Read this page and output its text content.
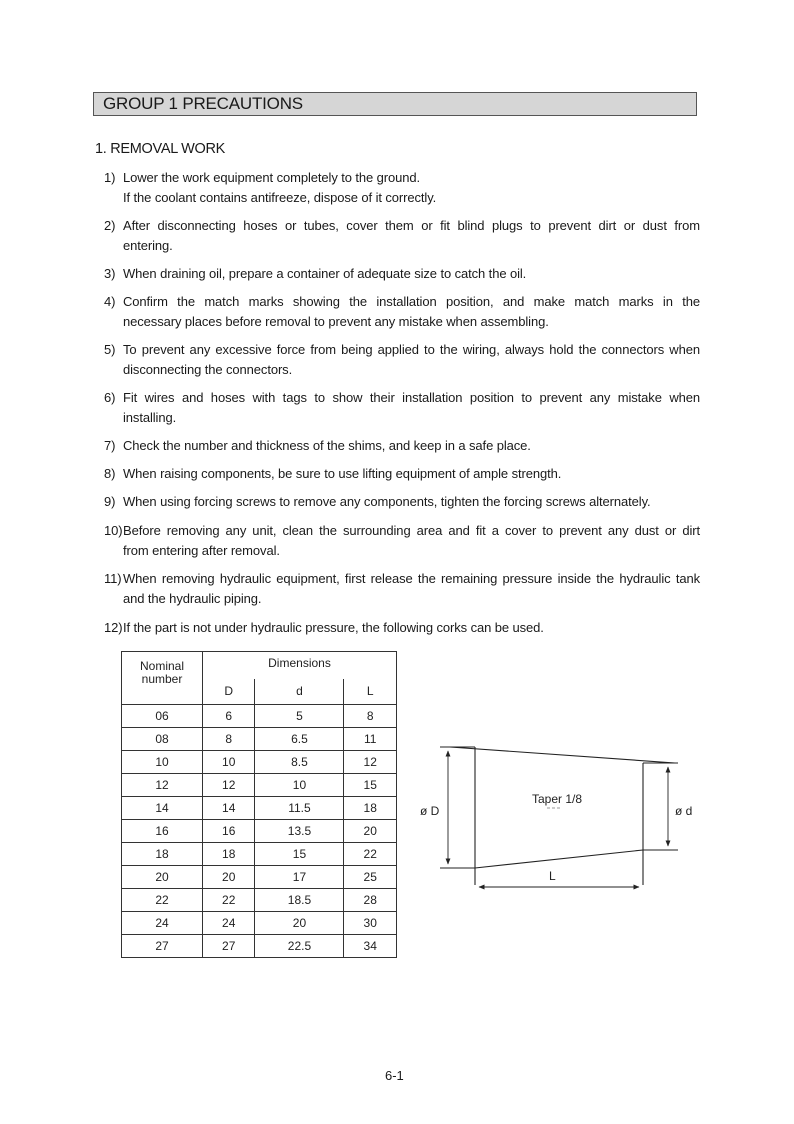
GROUP 1 PRECAUTIONS
1. REMOVAL WORK
1) Lower the work equipment completely to the ground.
If the coolant contains antifreeze, dispose of it correctly.
2) After disconnecting hoses or tubes, cover them or fit blind plugs to prevent dirt or dust from
entering.
3) When draining oil, prepare a container of adequate size to catch the oil.
4) Confirm the match marks showing the installation position, and make match marks in the
necessary places before removal to prevent any mistake when assembling.
5) To prevent any excessive force from being applied to the wiring, always hold the connectors when
disconnecting the connectors.
6) Fit wires and hoses with tags to show their installation position to prevent any mistake when
installing.
7) Check the number and thickness of the shims, and keep in a safe place.
8) When raising components, be sure to use lifting equipment of ample strength.
9) When using forcing screws to remove any components, tighten the forcing screws alternately.
10) Before removing any unit, clean the surrounding area and fit a cover to prevent any dust or dirt
from entering after removal.
11) When removing hydraulic equipment, first release the remaining pressure inside the hydraulic tank
and the hydraulic piping.
12) If the part is not under hydraulic pressure, the following corks can be used.
Nominal number	Dimensions		
	D	d	L
06	6	5	8
08	8	6.5	11
10	10	8.5	12
12	12	10	15
14	14	11.5	18
16	16	13.5	20
18	18	15	22
20	20	17	25
22	22	18.5	28
24	24	20	30
27	27	22.5	34
Taper 1/8
ø D	ø d
L
6-1
